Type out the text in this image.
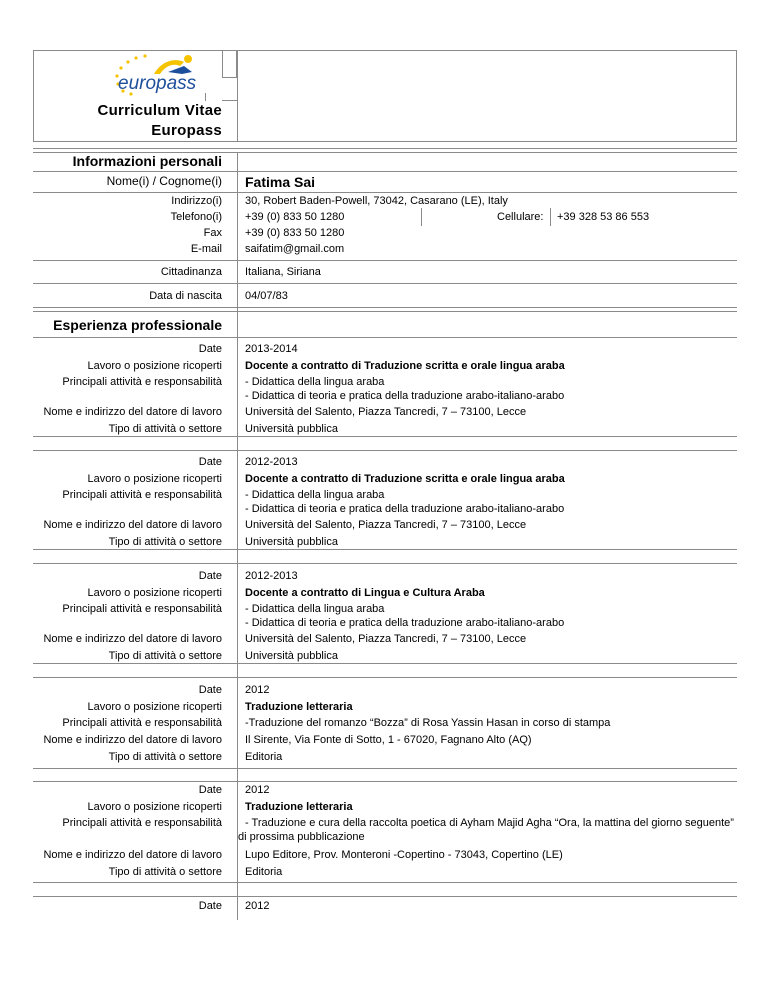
europass
Curriculum Vitae
Europass
Informazioni personali
Nome(i) / Cognome(i) Fatima Sai
Indirizzo(i) 30, Robert Baden-Powell, 73042, Casarano (LE), Italy
Telefono(i) +39 (0) 833 50 1280	Cellulare: +39 328 53 86 553
Fax +39 (0) 833 50 1280
E-mail saifatim@gmail.com
Cittadinanza Italiana, Siriana
Data di nascita 04/07/83
Esperienza professionale
Date 2013-2014
Lavoro o posizione ricoperti Docente a contratto di Traduzione scritta e orale lingua araba
Principali attività e responsabilità - Didattica della lingua araba
- Didattica di teoria e pratica della traduzione arabo-italiano-arabo
Nome e indirizzo del datore di lavoro Università del Salento, Piazza Tancredi, 7 – 73100, Lecce
Tipo di attività o settore Università pubblica
Date 2012-2013
Lavoro o posizione ricoperti Docente a contratto di Traduzione scritta e orale lingua araba
Principali attività e responsabilità - Didattica della lingua araba
- Didattica di teoria e pratica della traduzione arabo-italiano-arabo
Nome e indirizzo del datore di lavoro Università del Salento, Piazza Tancredi, 7 – 73100, Lecce
Tipo di attività o settore Università pubblica
Date 2012-2013
Lavoro o posizione ricoperti Docente a contratto di Lingua e Cultura Araba
Principali attività e responsabilità - Didattica della lingua araba
- Didattica di teoria e pratica della traduzione arabo-italiano-arabo
Nome e indirizzo del datore di lavoro Università del Salento, Piazza Tancredi, 7 – 73100, Lecce
Tipo di attività o settore Università pubblica
Date 2012
Lavoro o posizione ricoperti Traduzione letteraria
Principali attività e responsabilità -Traduzione del romanzo “Bozza” di Rosa Yassin Hasan in corso di stampa
Nome e indirizzo del datore di lavoro Il Sirente, Via Fonte di Sotto, 1 - 67020, Fagnano Alto (AQ)
Tipo di attività o settore Editoria
Date 2012
Lavoro o posizione ricoperti Traduzione letteraria
Principali attività e responsabilità - Traduzione e cura della raccolta poetica di Ayham Majid Agha “Ora, la mattina del giorno seguente”
di prossima pubblicazione
Nome e indirizzo del datore di lavoro Lupo Editore, Prov. Monteroni -Copertino - 73043, Copertino (LE)
Tipo di attività o settore Editoria
Date 2012
